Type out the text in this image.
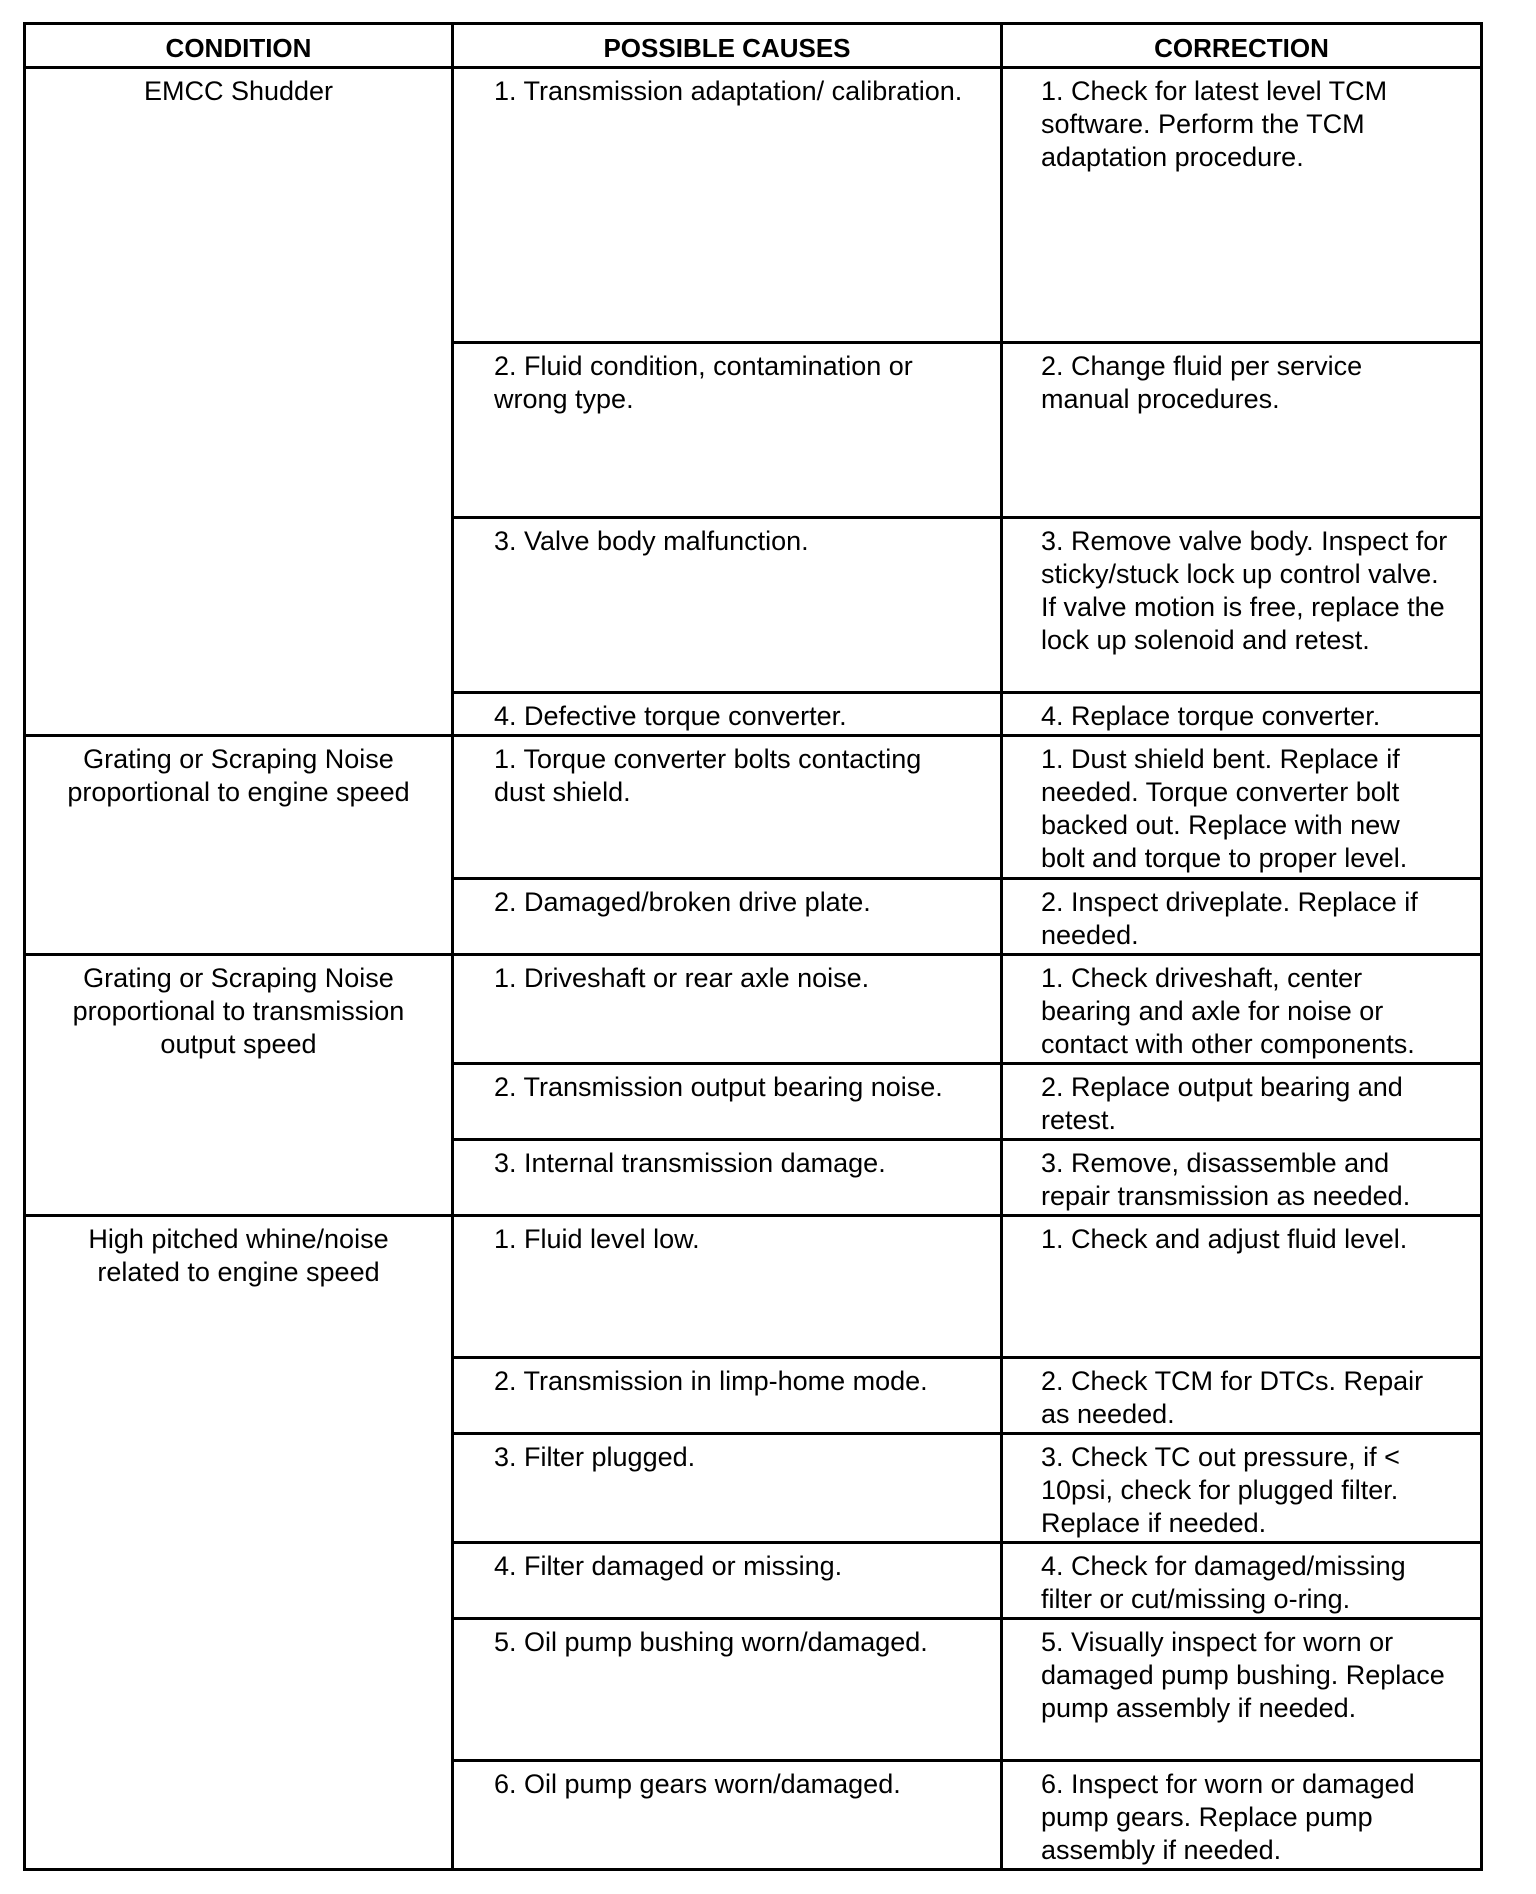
CONDITION	POSSIBLE CAUSES	CORRECTION

EMCC Shudder	1. Transmission adaptation/ calibration.	1. Check for latest level TCM software. Perform the TCM adaptation procedure.

	2. Fluid condition, contamination or wrong type.	2. Change fluid per service manual procedures.

	3. Valve body malfunction.	3. Remove valve body. Inspect for sticky/stuck lock up control valve. If valve motion is free, replace the lock up solenoid and retest.

	4. Defective torque converter.	4. Replace torque converter.

Grating or Scraping Noise proportional to engine speed	1. Torque converter bolts contacting dust shield.	1. Dust shield bent. Replace if needed. Torque converter bolt backed out. Replace with new bolt and torque to proper level.

	2. Damaged/broken drive plate.	2. Inspect driveplate. Replace if needed.

Grating or Scraping Noise proportional to transmission output speed	1. Driveshaft or rear axle noise.	1. Check driveshaft, center bearing and axle for noise or contact with other components.

	2. Transmission output bearing noise.	2. Replace output bearing and retest.

	3. Internal transmission damage.	3. Remove, disassemble and repair transmission as needed.

High pitched whine/noise related to engine speed	1. Fluid level low.	1. Check and adjust fluid level.

	2. Transmission in limp-home mode.	2. Check TCM for DTCs. Repair as needed.

	3. Filter plugged.	3. Check TC out pressure, if < 10psi, check for plugged filter. Replace if needed.

	4. Filter damaged or missing.	4. Check for damaged/missing filter or cut/missing o-ring.

	5. Oil pump bushing worn/damaged.	5. Visually inspect for worn or damaged pump bushing. Replace pump assembly if needed.

	6. Oil pump gears worn/damaged.	6. Inspect for worn or damaged pump gears. Replace pump assembly if needed.
